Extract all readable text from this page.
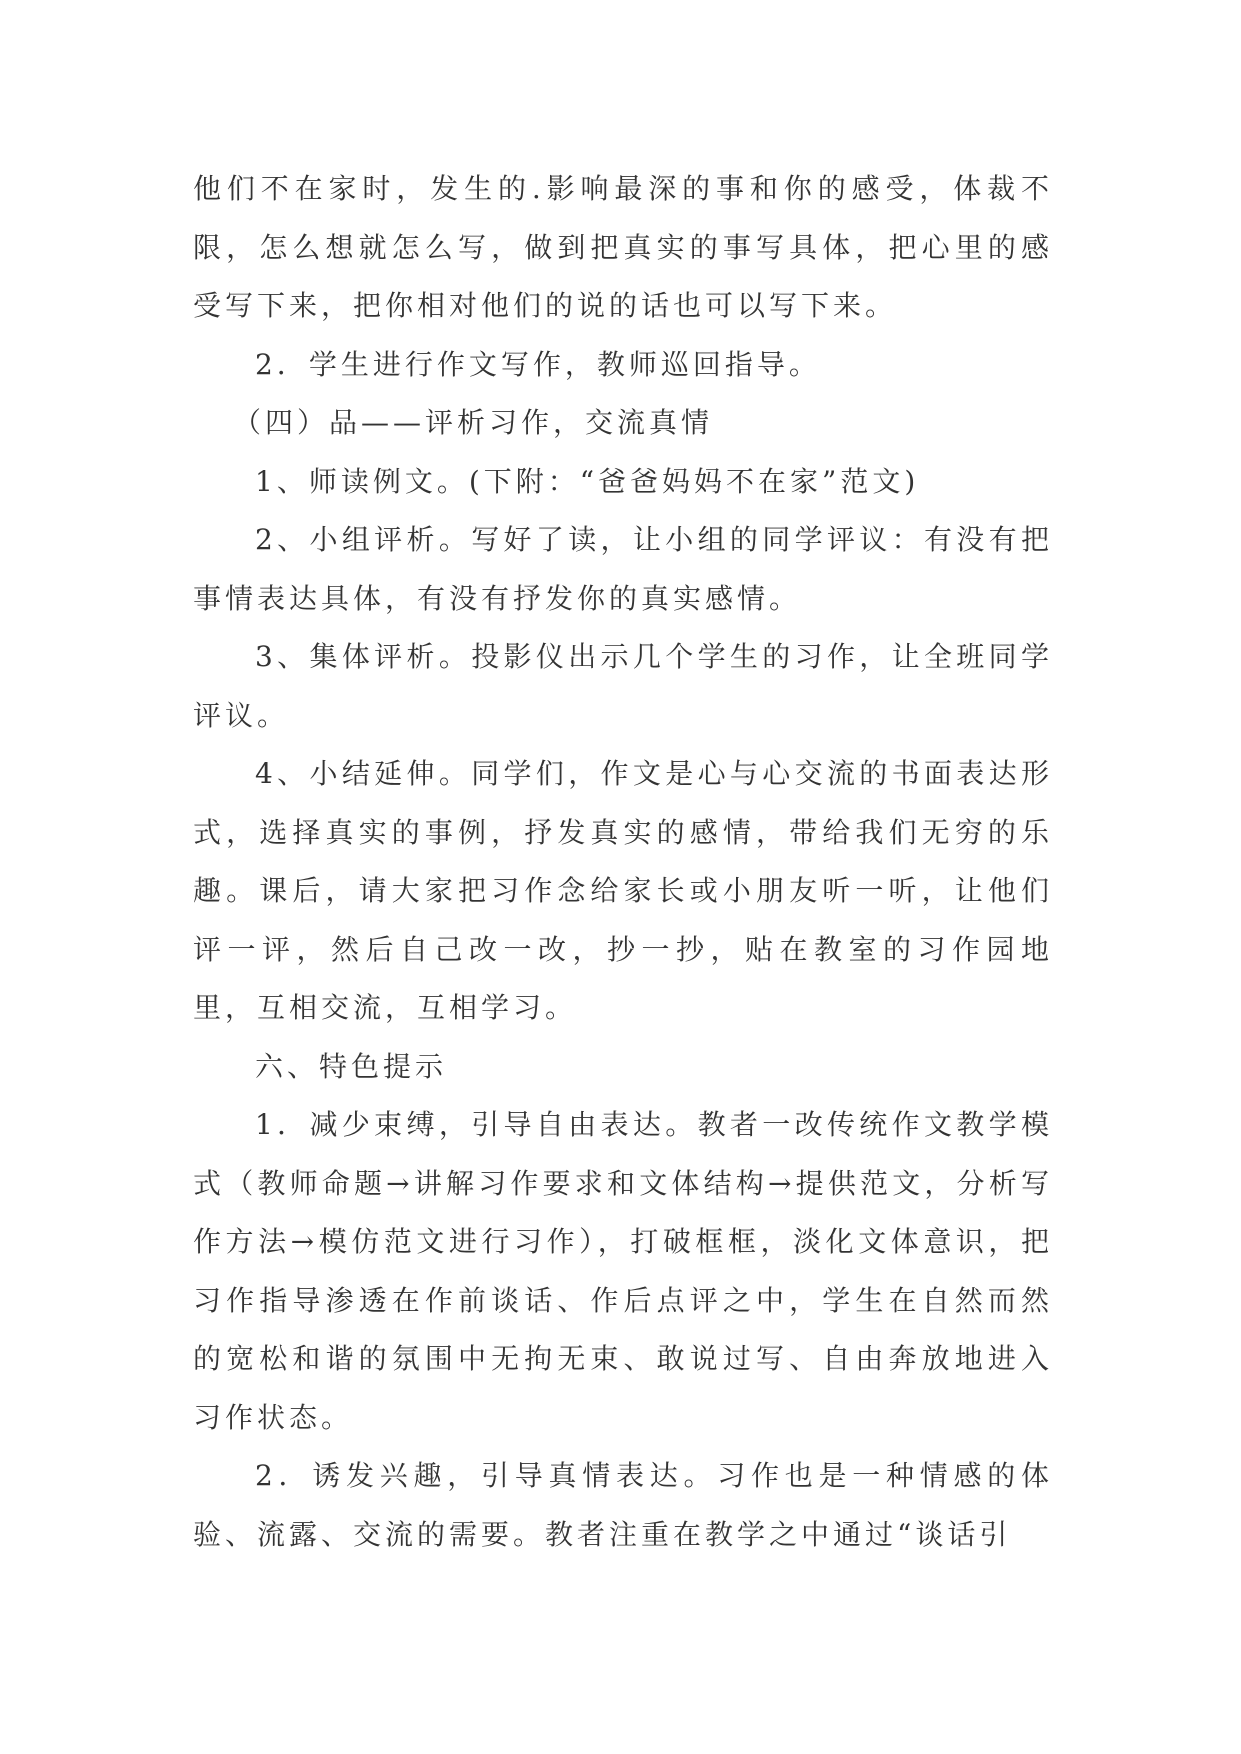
他们不在家时，发生的.影响最深的事和你的感受，体裁不限，怎么想就怎么写，做到把真实的事写具体，把心里的感受写下来，把你相对他们的说的话也可以写下来。

2．学生进行作文写作，教师巡回指导。

（四）品——评析习作，交流真情

1、师读例文。(下附：“爸爸妈妈不在家”范文)

2、小组评析。写好了读，让小组的同学评议：有没有把事情表达具体，有没有抒发你的真实感情。

3、集体评析。投影仪出示几个学生的习作，让全班同学评议。

4、小结延伸。同学们，作文是心与心交流的书面表达形式，选择真实的事例，抒发真实的感情，带给我们无穷的乐趣。课后，请大家把习作念给家长或小朋友听一听，让他们评一评，然后自己改一改，抄一抄，贴在教室的习作园地里，互相交流，互相学习。

六、特色提示

1．减少束缚，引导自由表达。教者一改传统作文教学模式（教师命题→讲解习作要求和文体结构→提供范文，分析写作方法→模仿范文进行习作），打破框框，淡化文体意识，把习作指导渗透在作前谈话、作后点评之中，学生在自然而然的宽松和谐的氛围中无拘无束、敢说过写、自由奔放地进入习作状态。

2．诱发兴趣，引导真情表达。习作也是一种情感的体验、流露、交流的需要。教者注重在教学之中通过“谈话引
